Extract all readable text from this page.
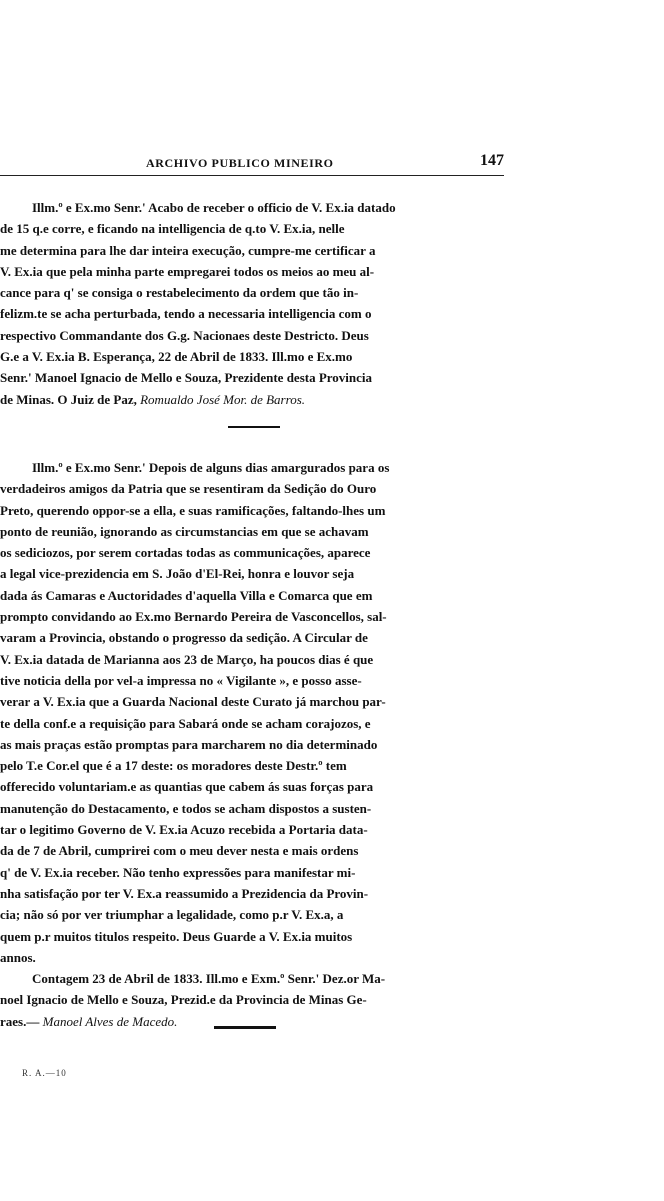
ARCHIVO PUBLICO MINEIRO	147
Illm.º e Ex.mo Senr.' Acabo de receber o officio de V. Ex.ia datado
de 15 q.e corre, e ficando na intelligencia de q.to V. Ex.ia, nelle
me determina para lhe dar inteira execução, cumpre-me certificar a
V. Ex.ia que pela minha parte empregarei todos os meios ao meu al-
cance para q' se consiga o restabelecimento da ordem que tão in-
felizm.te se acha perturbada, tendo a necessaria intelligencia com o
respectivo Commandante dos G.g. Nacionaes deste Destricto. Deus
G.e a V. Ex.ia B. Esperança, 22 de Abril de 1833. Ill.mo e Ex.mo
Senr.' Manoel Ignacio de Mello e Souza, Prezidente desta Provincia
de Minas. O Juiz de Paz, Romualdo José Mor. de Barros.
Illm.º e Ex.mo Senr.' Depois de alguns dias amargurados para os
verdadeiros amigos da Patria que se resentiram da Sedição do Ouro
Preto, querendo oppor-se a ella, e suas ramificações, faltando-lhes um
ponto de reunião, ignorando as circumstancias em que se achavam
os sediciozos, por serem cortadas todas as communicações, aparece
a legal vice-prezidencia em S. João d'El-Rei, honra e louvor seja
dada ás Camaras e Auctoridades d'aquella Villa e Comarca que em
prompto convidando ao Ex.mo Bernardo Pereira de Vasconcellos, sal-
varam a Provincia, obstando o progresso da sedição. A Circular de
V. Ex.ia datada de Marianna aos 23 de Março, ha poucos dias é que
tive noticia della por vel-a impressa no « Vigilante », e posso asse-
verar a V. Ex.ia que a Guarda Nacional deste Curato já marchou par-
te della conf.e a requisição para Sabará onde se acham corajozos, e
as mais praças estão promptas para marcharem no dia determinado
pelo T.e Cor.el que é a 17 deste: os moradores deste Destr.º tem
offerecido voluntariam.e as quantias que cabem ás suas forças para
manutenção do Destacamento, e todos se acham dispostos a susten-
tar o legitimo Governo de V. Ex.ia Acuzo recebida a Portaria data-
da de 7 de Abril, cumprirei com o meu dever nesta e mais ordens
q' de V. Ex.ia receber. Não tenho expressões para manifestar mi-
nha satisfação por ter V. Ex.a reassumido a Prezidencia da Provin-
cia; não só por ver triumphar a legalidade, como p.r V. Ex.a, a
quem p.r muitos titulos respeito. Deus Guarde a V. Ex.ia muitos
annos.
Contagem 23 de Abril de 1833. Ill.mo e Exm.º Senr.' Dez.or Ma-
noel Ignacio de Mello e Souza, Prezid.e da Provincia de Minas Ge-
raes.— Manoel Alves de Macedo.
R. A.—10
